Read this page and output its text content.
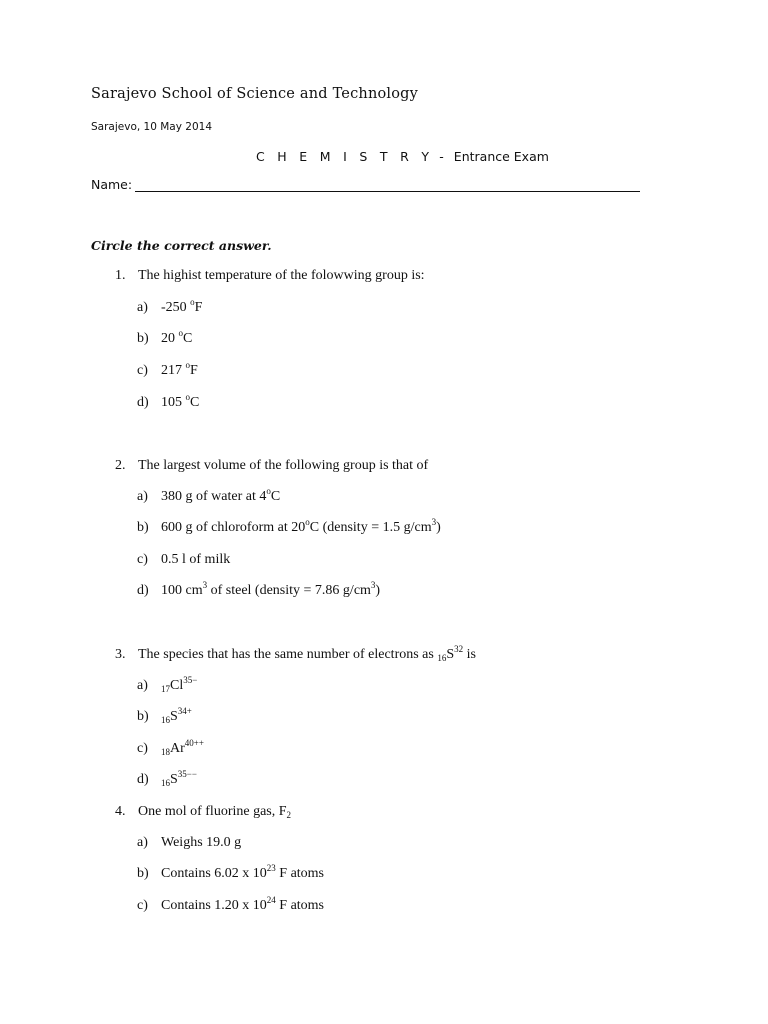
Sarajevo School of Science and Technology
Sarajevo, 10 May 2014
C H E M I S T R Y - Entrance Exam
Name:
Circle the correct answer.
1. The highist temperature of the folowwing group is:
a) -250 $^o$F
b) 20 $^o$C
c) 217 $^o$F
d) 105 $^o$C
2. The largest volume of the following group is that of
a) 380 g of water at 4$^o$C
b) 600 g of chloroform at 20$^o$C (density = 1.5 $g/cm^3$)
c) 0.5 l of milk
d) 100 $cm^3$ of steel (density = 7.86 $g/cm^3$)
3. The species that has the same number of electrons as $_{16}S^{32}$ is
a) $_{17}Cl^{35-}$
b) $_{16}S^{34+}$
c) $_{18}Ar^{40++}$
d) $_{16}S^{35--}$
4. One mol of fluorine gas, $F_2$
a) Weighs 19.0 g
b) Contains 6.02 x $10^{23}$ F atoms
c) Contains 1.20 x $10^{24}$ F atoms
